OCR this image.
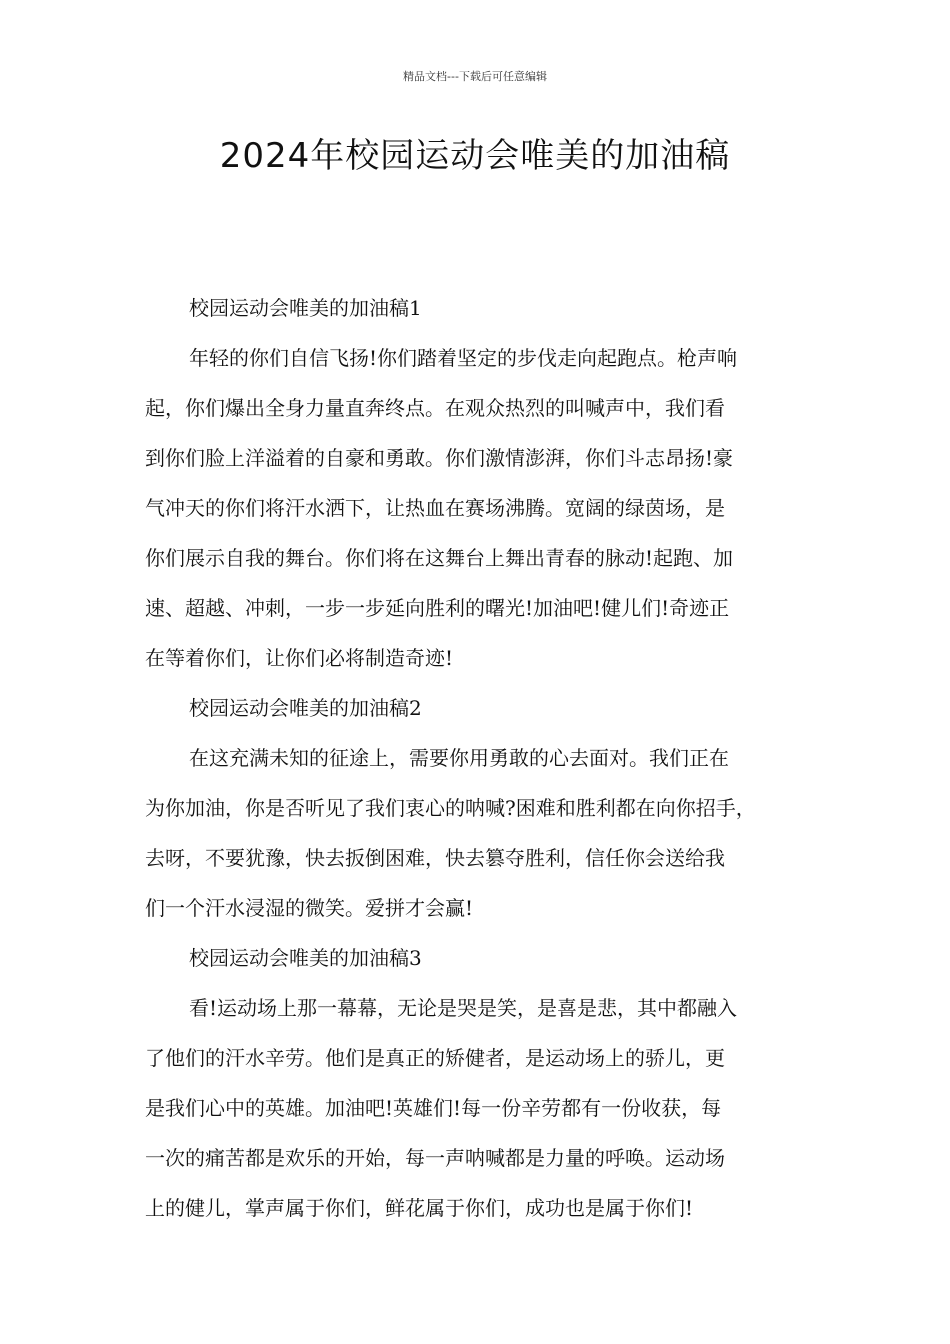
精品文档---下载后可任意编辑
2024年校园运动会唯美的加油稿
校园运动会唯美的加油稿1

年轻的你们自信飞扬!你们踏着坚定的步伐走向起跑点。枪声响
起，你们爆出全身力量直奔终点。在观众热烈的叫喊声中，我们看
到你们脸上洋溢着的自豪和勇敢。你们激情澎湃，你们斗志昂扬!豪
气冲天的你们将汗水洒下，让热血在赛场沸腾。宽阔的绿茵场，是
你们展示自我的舞台。你们将在这舞台上舞出青春的脉动!起跑、加
速、超越、冲刺，一步一步延向胜利的曙光!加油吧!健儿们!奇迹正
在等着你们，让你们必将制造奇迹!

校园运动会唯美的加油稿2

在这充满未知的征途上，需要你用勇敢的心去面对。我们正在
为你加油，你是否听见了我们衷心的呐喊?困难和胜利都在向你招手，
去呀，不要犹豫，快去扳倒困难，快去篡夺胜利，信任你会送给我
们一个汗水浸湿的微笑。爱拼才会赢!

校园运动会唯美的加油稿3

看!运动场上那一幕幕，无论是哭是笑，是喜是悲，其中都融入
了他们的汗水辛劳。他们是真正的矫健者，是运动场上的骄儿，更
是我们心中的英雄。加油吧!英雄们!每一份辛劳都有一份收获，每
一次的痛苦都是欢乐的开始，每一声呐喊都是力量的呼唤。运动场
上的健儿，掌声属于你们，鲜花属于你们，成功也是属于你们!
